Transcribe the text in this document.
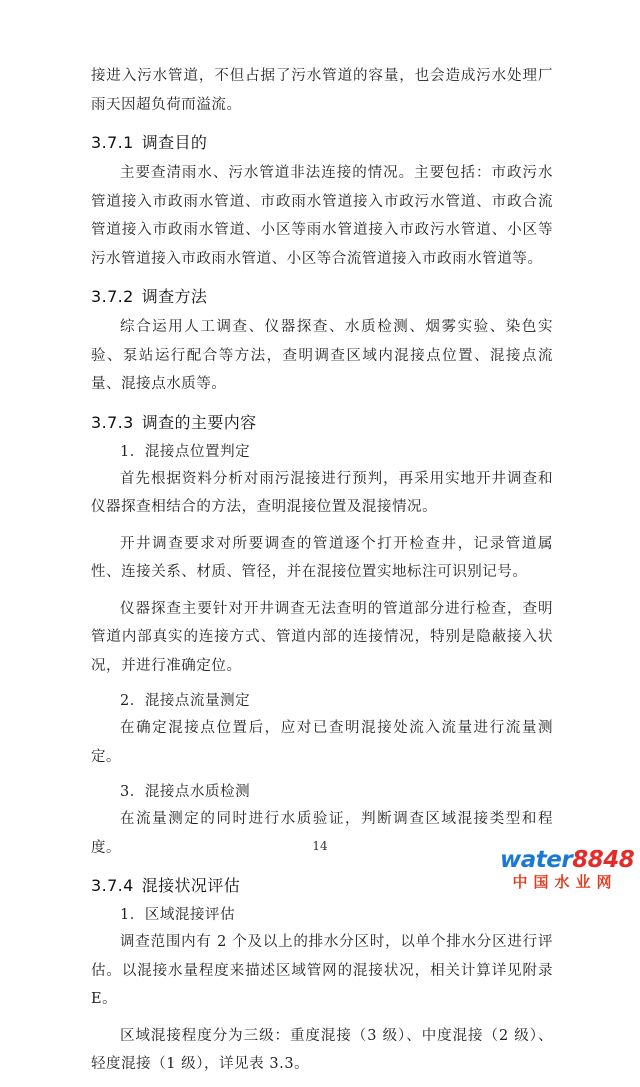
接进入污水管道，不但占据了污水管道的容量，也会造成污水处理厂雨天因超负荷而溢流。

3.7.1 调查目的

主要查清雨水、污水管道非法连接的情况。主要包括：市政污水管道接入市政雨水管道、市政雨水管道接入市政污水管道、市政合流管道接入市政雨水管道、小区等雨水管道接入市政污水管道、小区等污水管道接入市政雨水管道、小区等合流管道接入市政雨水管道等。

3.7.2 调查方法

综合运用人工调查、仪器探查、水质检测、烟雾实验、染色实验、泵站运行配合等方法，查明调查区域内混接点位置、混接点流量、混接点水质等。

3.7.3 调查的主要内容

1．混接点位置判定

首先根据资料分析对雨污混接进行预判，再采用实地开井调查和仪器探查相结合的方法，查明混接位置及混接情况。

开井调查要求对所要调查的管道逐个打开检查井，记录管道属性、连接关系、材质、管径，并在混接位置实地标注可识别记号。

仪器探查主要针对开井调查无法查明的管道部分进行检查，查明管道内部真实的连接方式、管道内部的连接情况，特别是隐蔽接入状况，并进行准确定位。

2．混接点流量测定

在确定混接点位置后，应对已查明混接处流入流量进行流量测定。

3．混接点水质检测

在流量测定的同时进行水质验证，判断调查区域混接类型和程度。

3.7.4 混接状况评估

1．区域混接评估

调查范围内有 2 个及以上的排水分区时，以单个排水分区进行评估。以混接水量程度来描述区域管网的混接状况，相关计算详见附录 E。

区域混接程度分为三级：重度混接（3 级）、中度混接（2 级）、轻度混接（1 级），详见表 3.3。

14
water8848
中国水业网
